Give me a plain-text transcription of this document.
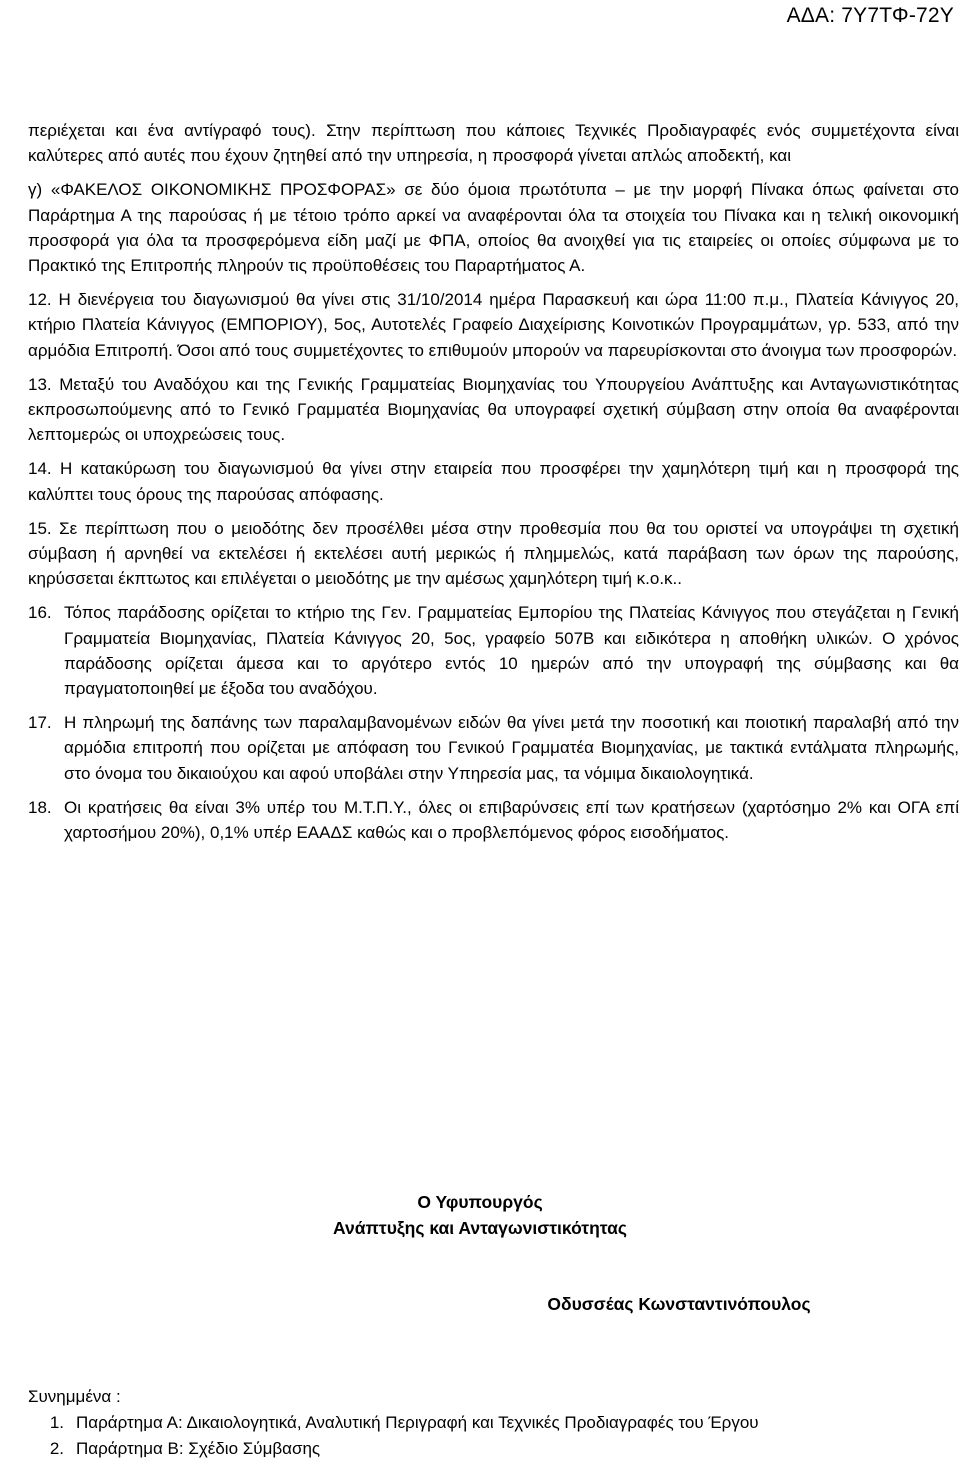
ΑΔΑ: 7Υ7ΤΦ-72Υ

περιέχεται και ένα αντίγραφό τους). Στην περίπτωση που κάποιες Τεχνικές Προδιαγραφές ενός συμμετέχοντα είναι καλύτερες από αυτές που έχουν ζητηθεί από την υπηρεσία, η προσφορά γίνεται απλώς αποδεκτή, και

γ) «ΦΑΚΕΛΟΣ ΟΙΚΟΝΟΜΙΚΗΣ ΠΡΟΣΦΟΡΑΣ» σε δύο όμοια πρωτότυπα – με την μορφή Πίνακα όπως φαίνεται στο Παράρτημα Α της παρούσας ή με τέτοιο τρόπο αρκεί να αναφέρονται όλα τα στοιχεία του Πίνακα και η τελική οικονομική προσφορά για όλα τα προσφερόμενα είδη μαζί με ΦΠΑ, οποίος θα ανοιχθεί για τις εταιρείες οι οποίες σύμφωνα με το Πρακτικό της Επιτροπής πληρούν τις προϋποθέσεις του Παραρτήματος Α.

12. Η διενέργεια του διαγωνισμού θα γίνει στις 31/10/2014 ημέρα Παρασκευή και ώρα 11:00 π.μ., Πλατεία Κάνιγγος 20, κτήριο Πλατεία Κάνιγγος (ΕΜΠΟΡΙΟΥ), 5ος, Αυτοτελές Γραφείο Διαχείρισης Κοινοτικών Προγραμμάτων, γρ. 533, από την αρμόδια Επιτροπή. Όσοι από τους συμμετέχοντες το επιθυμούν μπορούν να παρευρίσκονται στο άνοιγμα των προσφορών.

13. Μεταξύ του Αναδόχου και της Γενικής Γραμματείας Βιομηχανίας του Υπουργείου Ανάπτυξης και Ανταγωνιστικότητας εκπροσωπούμενης από το Γενικό Γραμματέα Βιομηχανίας θα υπογραφεί σχετική σύμβαση στην οποία θα αναφέρονται λεπτομερώς οι υποχρεώσεις τους.

14. Η κατακύρωση του διαγωνισμού θα γίνει στην εταιρεία που προσφέρει την χαμηλότερη τιμή και η προσφορά της καλύπτει τους όρους της παρούσας απόφασης.

15. Σε περίπτωση που ο μειοδότης δεν προσέλθει μέσα στην προθεσμία που θα του οριστεί να υπογράψει τη σχετική σύμβαση ή αρνηθεί να εκτελέσει ή εκτελέσει αυτή μερικώς ή πλημμελώς, κατά παράβαση των όρων της παρούσης, κηρύσσεται έκπτωτος και επιλέγεται ο μειοδότης με την αμέσως χαμηλότερη τιμή κ.ο.κ..

16. Τόπος παράδοσης ορίζεται το κτήριο της Γεν. Γραμματείας Εμπορίου της Πλατείας Κάνιγγος που στεγάζεται η Γενική Γραμματεία Βιομηχανίας, Πλατεία Κάνιγγος 20, 5ος, γραφείο 507Β και ειδικότερα η αποθήκη υλικών. Ο χρόνος παράδοσης ορίζεται άμεσα και το αργότερο εντός 10 ημερών από την υπογραφή της σύμβασης και θα πραγματοποιηθεί με έξοδα του αναδόχου.
17. Η πληρωμή της δαπάνης των παραλαμβανομένων ειδών θα γίνει μετά την ποσοτική και ποιοτική παραλαβή από την αρμόδια επιτροπή που ορίζεται με απόφαση του Γενικού Γραμματέα Βιομηχανίας, με τακτικά εντάλματα πληρωμής, στο όνομα του δικαιούχου και αφού υποβάλει στην Υπηρεσία μας, τα νόμιμα δικαιολογητικά.
18. Οι κρατήσεις θα είναι 3% υπέρ του Μ.Τ.Π.Υ., όλες οι επιβαρύνσεις επί των κρατήσεων (χαρτόσημο 2% και ΟΓΑ επί χαρτοσήμου 20%), 0,1% υπέρ ΕΑΑΔΣ καθώς και ο προβλεπόμενος φόρος εισοδήματος.
Ο Υφυπουργός
Ανάπτυξης και Ανταγωνιστικότητας
Οδυσσέας Κωνσταντινόπουλος
Συνημμένα :
1. Παράρτημα Α: Δικαιολογητικά, Αναλυτική Περιγραφή και Τεχνικές Προδιαγραφές του Έργου
2. Παράρτημα Β: Σχέδιο Σύμβασης
